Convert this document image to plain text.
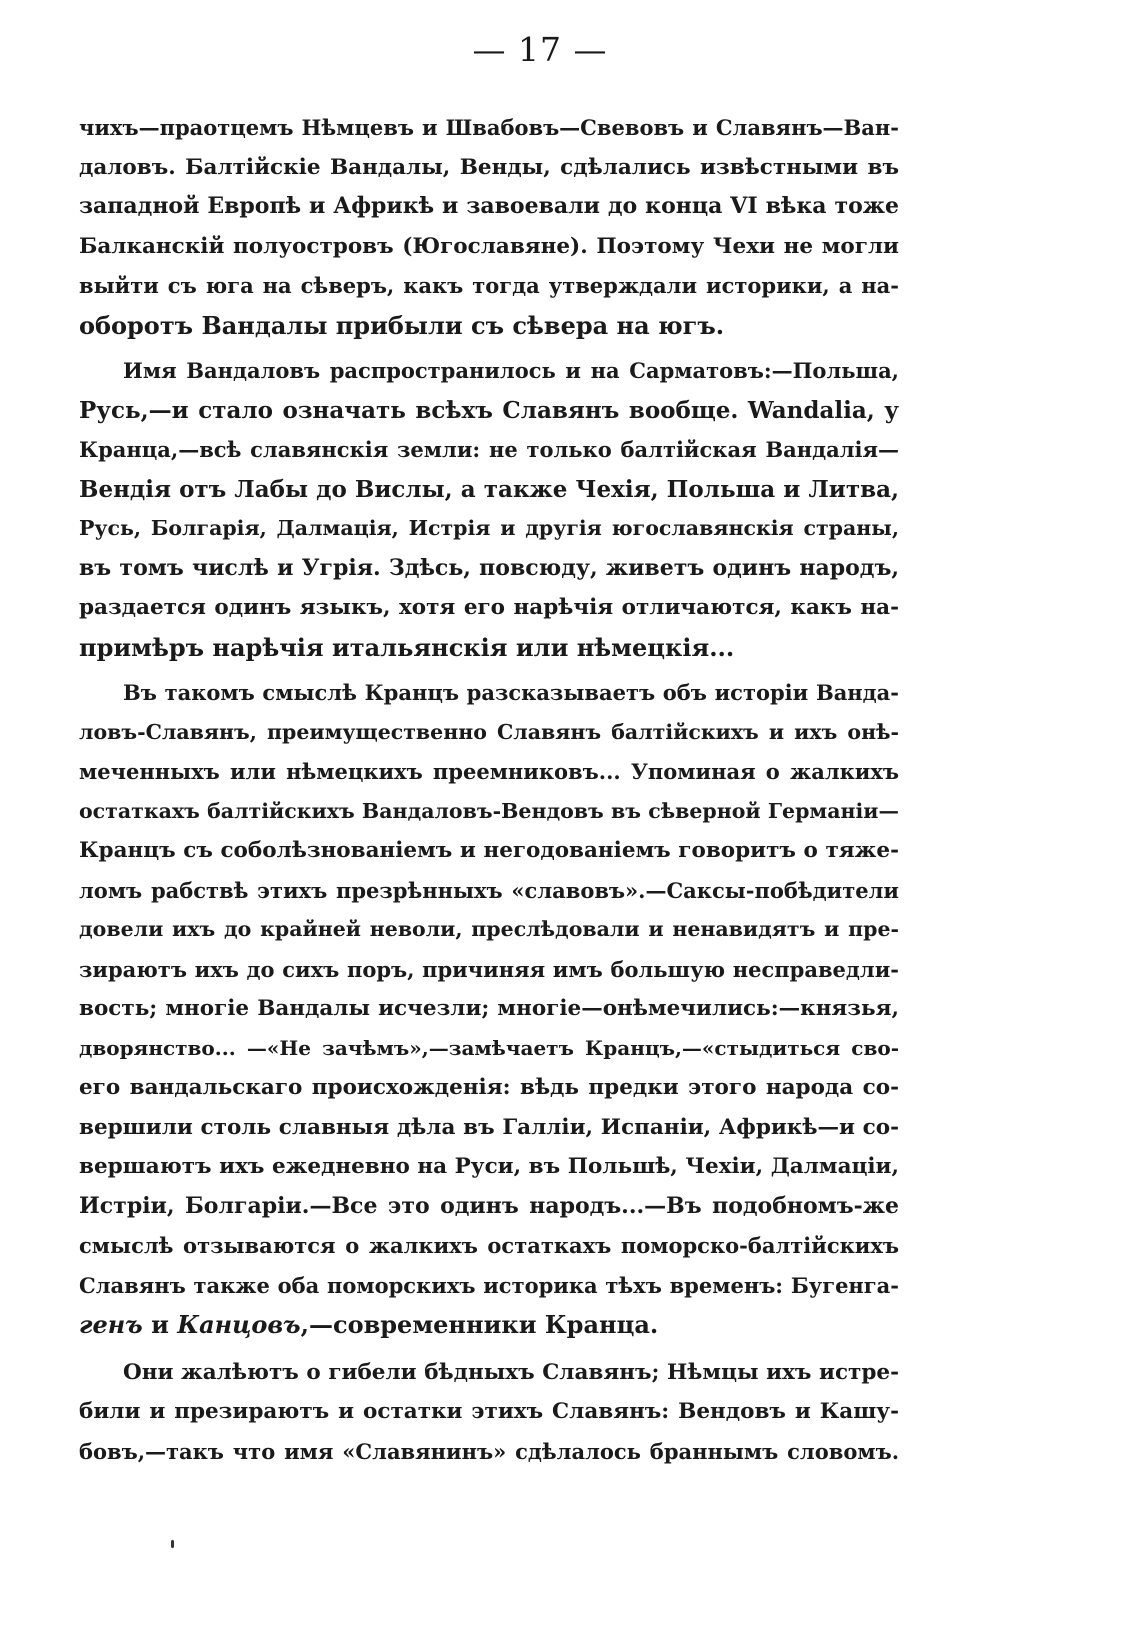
— 17 —
чихъ—праотцемъ Нѣмцевъ и Швабовъ—Свевовъ и Славянъ—Ван-
даловъ. Балтійскіе Вандалы, Венды, сдѣлались извѣстными въ
западной Европѣ и Африкѣ и завоевали до конца VI вѣка тоже
Балканскій полуостровъ (Югославяне). Поэтому Чехи не могли
выйти съ юга на сѣверъ, какъ тогда утверждали историки, а на-
оборотъ Вандалы прибыли съ сѣвера на югъ.
Имя Вандаловъ распространилось и на Сарматовъ:—Польша,
Русь,—и стало означать всѣхъ Славянъ вообще. Wandalia, у
Кранца,—всѣ славянскія земли: не только балтійская Вандалія—
Вендія отъ Лабы до Вислы, а также Чехія, Польша и Литва,
Русь, Болгарія, Далмація, Истрія и другія югославянскія страны,
въ томъ числѣ и Угрія. Здѣсь, повсюду, живетъ одинъ народъ,
раздается одинъ языкъ, хотя его нарѣчія отличаются, какъ на-
примѣръ нарѣчія итальянскія или нѣмецкія...
Въ такомъ смыслѣ Кранцъ разсказываетъ объ исторіи Ванда-
ловъ-Славянъ, преимущественно Славянъ балтійскихъ и ихъ онѣ-
меченныхъ или нѣмецкихъ преемниковъ... Упоминая о жалкихъ
остаткахъ балтійскихъ Вандаловъ-Вендовъ въ сѣверной Германіи—
Кранцъ съ соболѣзнованіемъ и негодованіемъ говоритъ о тяже-
ломъ рабствѣ этихъ презрѣнныхъ «славовъ».—Саксы-побѣдители
довели ихъ до крайней неволи, преслѣдовали и ненавидятъ и пре-
зираютъ ихъ до сихъ поръ, причиняя имъ большую несправедли-
вость; многіе Вандалы исчезли; многіе—онѣмечились:—князья,
дворянство... —«Не зачѣмъ»,—замѣчаетъ Кранцъ,—«стыдиться сво-
его вандальскаго происхожденія: вѣдь предки этого народа со-
вершили столь славныя дѣла въ Галліи, Испаніи, Африкѣ—и со-
вершаютъ ихъ ежедневно на Руси, въ Польшѣ, Чехіи, Далмаціи,
Истріи, Болгаріи.—Все это одинъ народъ...—Въ подобномъ-же
смыслѣ отзываются о жалкихъ остаткахъ поморско-балтійскихъ
Славянъ также оба поморскихъ историка тѣхъ временъ: Бугенга-
генъ и Канцовъ,—современники Кранца.
Они жалѣютъ о гибели бѣдныхъ Славянъ; Нѣмцы ихъ истре-
били и презираютъ и остатки этихъ Славянъ: Вендовъ и Кашу-
бовъ,—такъ что имя «Славянинъ» сдѣлалось браннымъ словомъ.
